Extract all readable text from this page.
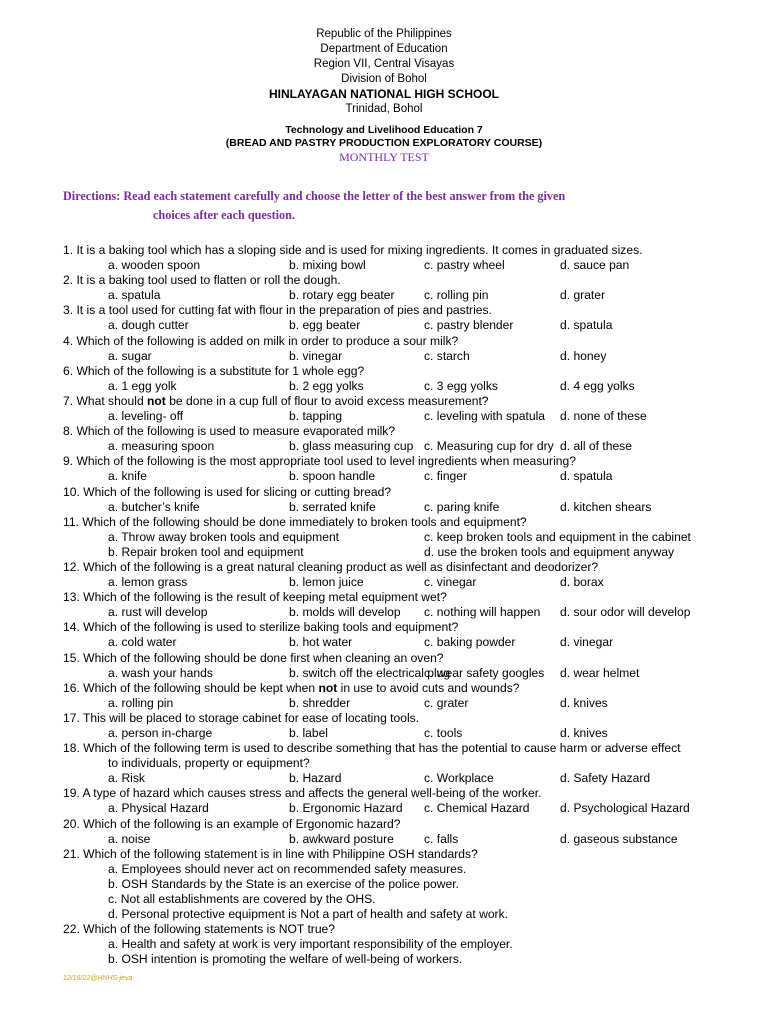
Republic of the Philippines
Department of Education
Region VII, Central Visayas
Division of Bohol
HINLAYAGAN NATIONAL HIGH SCHOOL
Trinidad, Bohol
Technology and Livelihood Education 7
(BREAD AND PASTRY PRODUCTION EXPLORATORY COURSE)
MONTHLY TEST
Directions: Read each statement carefully and choose the letter of the best answer from the given
choices after each question.
1. It is a baking tool which has a sloping side and is used for mixing ingredients. It comes in graduated sizes.
a. wooden spoon	b. mixing bowl	c. pastry wheel	d. sauce pan
2. It is a baking tool used to flatten or roll the dough.
a. spatula	b. rotary egg beater c. rolling pin	d. grater
3. It is a tool used for cutting fat with flour in the preparation of pies and pastries.
a. dough cutter	b. egg beater	c. pastry blender	d. spatula
4. Which of the following is added on milk in order to produce a sour milk?
a. sugar	b. vinegar	c. starch	d. honey
6. Which of the following is a substitute for 1 whole egg?
a. 1 egg yolk	b. 2 egg yolks	c. 3 egg yolks	d. 4 egg yolks
7. What should not be done in a cup full of flour to avoid excess measurement?
a. leveling- off	b. tapping	c. leveling with spatula d. none of these
8. Which of the following is used to measure evaporated milk?
a. measuring spoon	b. glass measuring cup c. Measuring cup for dry d. all of these
9. Which of the following is the most appropriate tool used to level ingredients when measuring?
a. knife	b. spoon handle	c. finger	d. spatula
10. Which of the following is used for slicing or cutting bread?
a. butcher’s knife	b. serrated knife	c. paring knife	d. kitchen shears
11. Which of the following should be done immediately to broken tools and equipment?
a. Throw away broken tools and equipment	c. keep broken tools and equipment in the cabinet
b. Repair broken tool and equipment	d. use the broken tools and equipment anyway
12. Which of the following is a great natural cleaning product as well as disinfectant and deodorizer?
a. lemon grass	b. lemon juice	c. vinegar	d. borax
13. Which of the following is the result of keeping metal equipment wet?
a. rust will develop	b. molds will develop c. nothing will happen d. sour odor will develop
14. Which of the following is used to sterilize baking tools and equipment?
a. cold water	b. hot water	c. baking powder	d. vinegar
15. Which of the following should be done first when cleaning an oven?
a. wash your hands	b. switch off the electrical plug
c. wear safety googles d. wear helmet
16. Which of the following should be kept when not in use to avoid cuts and wounds?
a. rolling pin	b. shredder	c. grater	d. knives
17. This will be placed to storage cabinet for ease of locating tools.
a. person in-charge	b. label	c. tools	d. knives
18. Which of the following term is used to describe something that has the potential to cause harm or adverse effect
to individuals, property or equipment?
a. Risk	b. Hazard	c. Workplace	d. Safety Hazard
19. A type of hazard which causes stress and affects the general well-being of the worker.
a. Physical Hazard	b. Ergonomic Hazard c. Chemical Hazard	d. Psychological Hazard
20. Which of the following is an example of Ergonomic hazard?
a. noise	b. awkward posture c. falls	d. gaseous substance
21. Which of the following statement is in line with Philippine OSH standards?
a. Employees should never act on recommended safety measures.
b. OSH Standards by the State is an exercise of the police power.
c. Not all establishments are covered by the OHS.
d. Personal protective equipment is Not a part of health and safety at work.
22. Which of the following statements is NOT true?
a. Health and safety at work is very important responsibility of the employer.
b. OSH intention is promoting the welfare of well-being of workers.
12/16/22@HNHS-jeva
